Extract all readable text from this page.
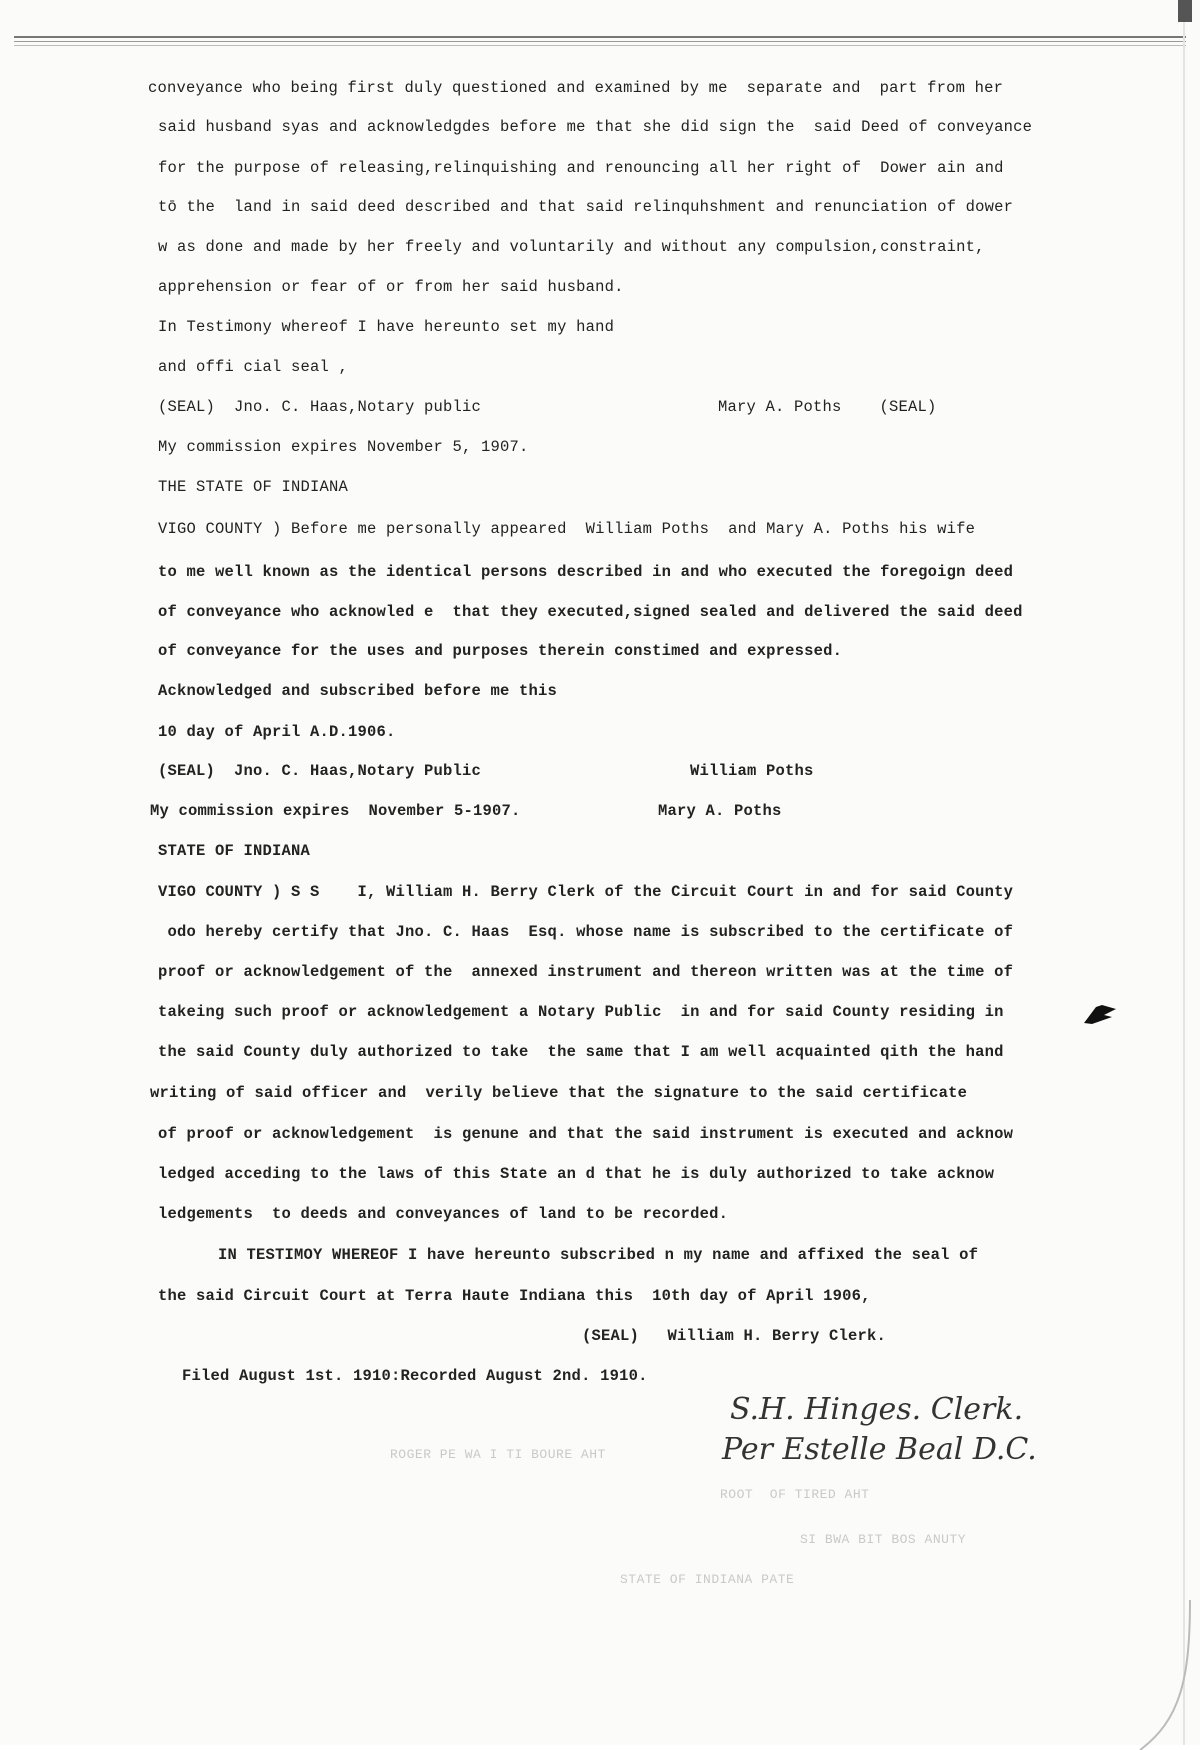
conveyance who being first duly questioned and examined by me  separate and  part from her
said husband syas and acknowledgdes before me that she did sign the  said Deed of conveyance
for the purpose of releasing,relinquishing and renouncing all her right of  Dower ain and
tō the  land in said deed described and that said relinquhshment and renunciation of dower
w as done and made by her freely and voluntarily and without any compulsion,constraint,
apprehension or fear of or from her said husband.
In Testimony whereof I have hereunto set my hand
and offi cial seal ,
(SEAL)  Jno. C. Haas,Notary public	Mary A. Poths    (SEAL)
My commission expires November 5, 1907.
THE STATE OF INDIANA
VIGO COUNTY ) Before me personally appeared  William Poths  and Mary A. Poths his wife
to me well known as the identical persons described in and who executed the foregoign deed
of conveyance who acknowled e  that they executed,signed sealed and delivered the said deed
of conveyance for the uses and purposes therein constimed and expressed.
Acknowledged and subscribed before me this
10 day of April A.D.1906.
(SEAL)  Jno. C. Haas,Notary Public	William Poths
My commission expires  November 5-1907.	Mary A. Poths
STATE OF INDIANA
VIGO COUNTY ) S S    I, William H. Berry Clerk of the Circuit Court in and for said County
odo hereby certify that Jno. C. Haas  Esq. whose name is subscribed to the certificate of
proof or acknowledgement of the  annexed instrument and thereon written was at the time of
takeing such proof or acknowledgement a Notary Public  in and for said County residing in
the said County duly authorized to take  the same that I am well acquainted qith the hand
writing of said officer and  verily believe that the signature to the said certificate
of proof or acknowledgement  is genune and that the said instrument is executed and acknow
ledged acceding to the laws of this State an d that he is duly authorized to take acknow
ledgements  to deeds and conveyances of land to be recorded.
IN TESTIMOY WHEREOF I have hereunto subscribed n my name and affixed the seal of
the said Circuit Court at Terra Haute Indiana this  10th day of April 1906,
(SEAL)   William H. Berry Clerk.
Filed August 1st. 1910:Recorded August 2nd. 1910.
S.H. Hinges. Clerk.
Per Estelle Beal D.C.
ROGER PE WA I TI BOURE AHT
ROOT  OF TIRED AHT
SI BWA BIT BOS ANUTY
STATE OF INDIANA PATE
